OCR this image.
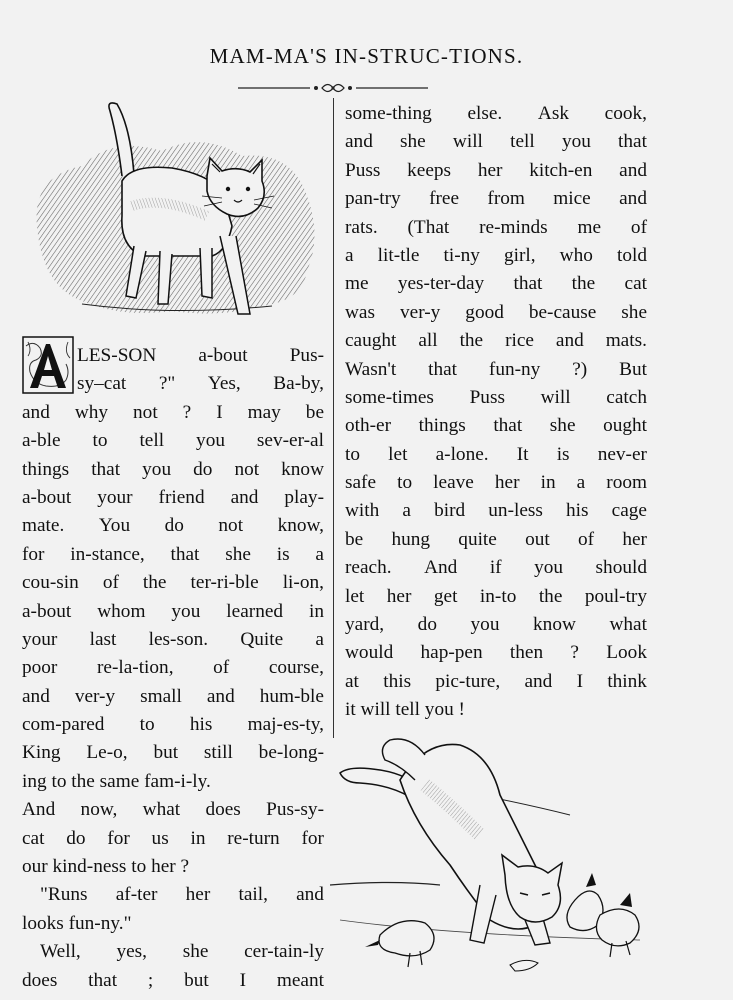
MAM-MA'S IN-STRUC-TIONS.
LES-SON a-bout Pus-
sy–cat ?" Yes, Ba-by,
and why not ? I may be
a-ble to tell you sev-er-al
things that you do not know
a-bout your friend and play-
mate. You do not know,
for in-stance, that she is a
cou-sin of the ter-ri-ble li-on,
a-bout whom you learned in
your last les-son. Quite a
poor re-la-tion, of course,
and ver-y small and hum-ble
com-pared to his maj-es-ty,
King Le-o, but still be-long-
ing to the same fam-i-ly.
And now, what does Pus-sy-
cat do for us in re-turn for
our kind-ness to her ?
"Runs af-ter her tail, and
looks fun-ny."
Well, yes, she cer-tain-ly
does that ; but I meant
some-thing else. Ask cook,
and she will tell you that
Puss keeps her kitch-en and
pan-try free from mice and
rats. (That re-minds me of
a lit-tle ti-ny girl, who told
me yes-ter-day that the cat
was ver-y good be-cause she
caught all the rice and mats.
Wasn't that fun-ny ?) But
some-times Puss will catch
oth-er things that she ought
to let a-lone. It is nev-er
safe to leave her in a room
with a bird un-less his cage
be hung quite out of her
reach. And if you should
let her get in-to the poul-try
yard, do you know what
would hap-pen then ? Look
at this pic-ture, and I think
it will tell you !
